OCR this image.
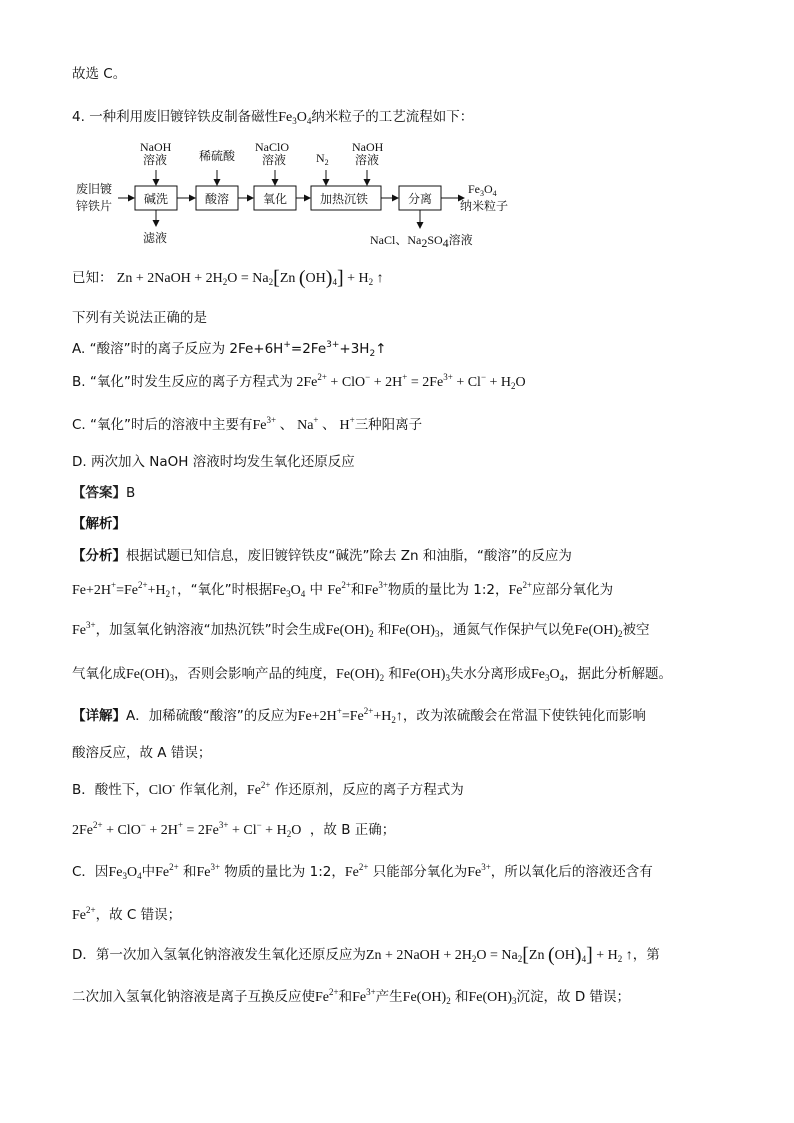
故选 C。
4. 一种利用废旧镀锌铁皮制备磁性$Fe_3O_4$纳米粒子的工艺流程如下：
废旧镀
锌铁片	碱洗	酸溶	氧化	加热沉铁	分离
NaOH
溶液	稀硫酸
NaClO
溶液 $N_2$
NaOH
溶液
滤液
$Fe_3O_4$
纳米粒子
NaCl、Na2SO4溶液
已知： Zn + 2NaOH + $2H_2O = Na_2[Zn$ $(OH)_4] + H_2$ ↑
下列有关说法正确的是
A. “酸溶”时的离子反应为 $2Fe+6H^+=2Fe^{3+}+3H_2↑$
B. “氧化”时发生反应的离子方程式为 $2Fe^{2+} + ClO^- + 2H^+ = 2Fe^{3+} + Cl^- + H_2O$
C. “氧化”时后的溶液中主要有$Fe^{3+}$ 、 Na+ 、 H+三种阳离子
D. 两次加入 NaOH 溶液时均发生氧化还原反应
【答案】B
【解析】
【分析】根据试题已知信息，废旧镀锌铁皮“碱洗”除去 Zn 和油脂，“酸溶”的反应为
$Fe+2H^+=Fe^{2+}+H_2↑$，“氧化”时根据$Fe_3O_4$ 中 $Fe^{2+}$和$Fe^{3+}$物质的量比为 1:2，$Fe^{2+}$应部分氧化为
$Fe^{3+}$，加氢氧化钠溶液“加热沉铁”时会生成$Fe(OH)_2$ 和$Fe(OH)_3$，通氮气作保护气以免$Fe(OH)_2$被空
气氧化成$Fe(OH)_3$，否则会影响产品的纯度，$Fe(OH)_2$ 和$Fe(OH)_3$失水分离形成$Fe_3O_4$，据此分析解题。
【详解】A．加稀硫酸“酸溶”的反应为$Fe+2H^+=Fe^{2+}+H_2↑$，改为浓硫酸会在常温下使铁钝化而影响
酸溶反应，故 A 错误；
B．酸性下，ClO- 作氧化剂，$Fe^{2+}$ 作还原剂，反应的离子方程式为
$2Fe^{2+} + ClO^- + 2H^+ = 2Fe^{3+} + Cl^- + H_2O$ ，故 B 正确；
C．因$Fe_3O_4$中$Fe^{2+}$ 和$Fe^{3+}$ 物质的量比为 1:2，$Fe^{2+}$ 只能部分氧化为$Fe^{3+}$，所以氧化后的溶液还含有
$Fe^{2+}$，故 C 错误；
D．第一次加入氢氧化钠溶液发生氧化还原反应为Zn + 2NaOH + $2H_2O = Na_2[Zn$ $(OH)_4] + H_2$ ↑，第
二次加入氢氧化钠溶液是离子互换反应使$Fe^{2+}$和$Fe^{3+}$产生$Fe(OH)_2$ 和$Fe(OH)_3$沉淀，故 D 错误；
